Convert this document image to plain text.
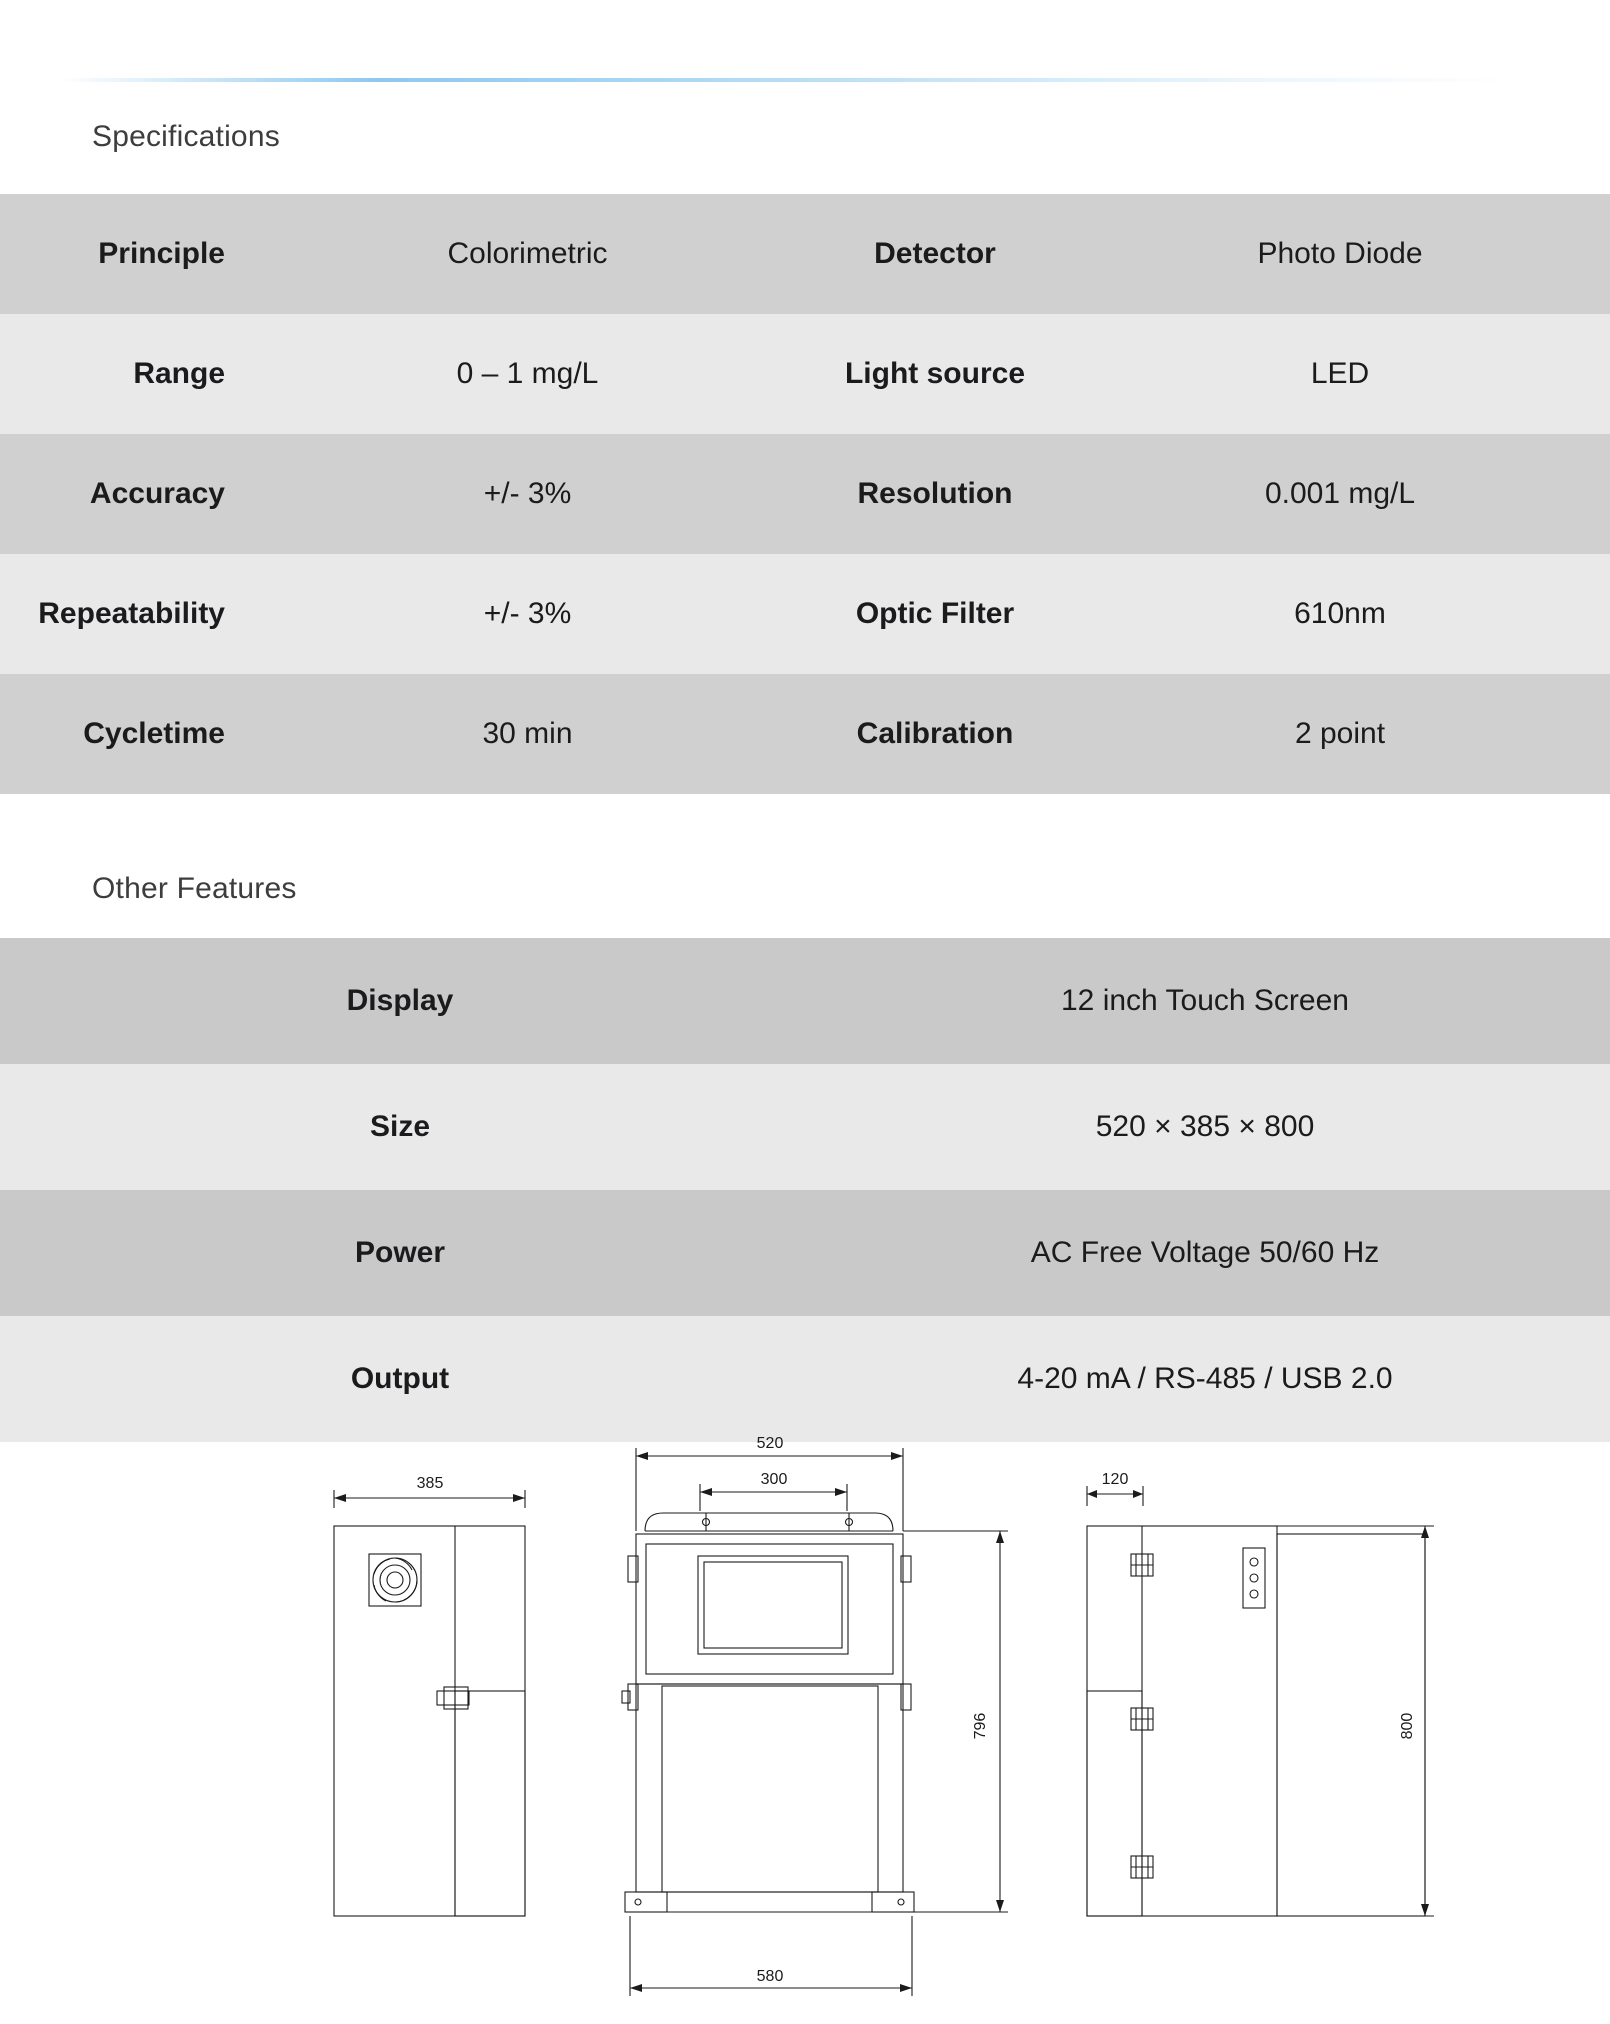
Specifications
Principle	Colorimetric	Detector	Photo Diode
Range	0 – 1 mg/L	Light source	LED
Accuracy	+/- 3%	Resolution	0.001 mg/L
Repeatability	+/- 3%	Optic Filter	610nm
Cycletime	30 min	Calibration	2 point
Other Features
Display	12 inch Touch Screen
Size	520 × 385 × 800
Power	AC Free Voltage 50/60 Hz
Output	4-20 mA / RS-485 / USB 2.0
385
520
300
796
580
120
800
